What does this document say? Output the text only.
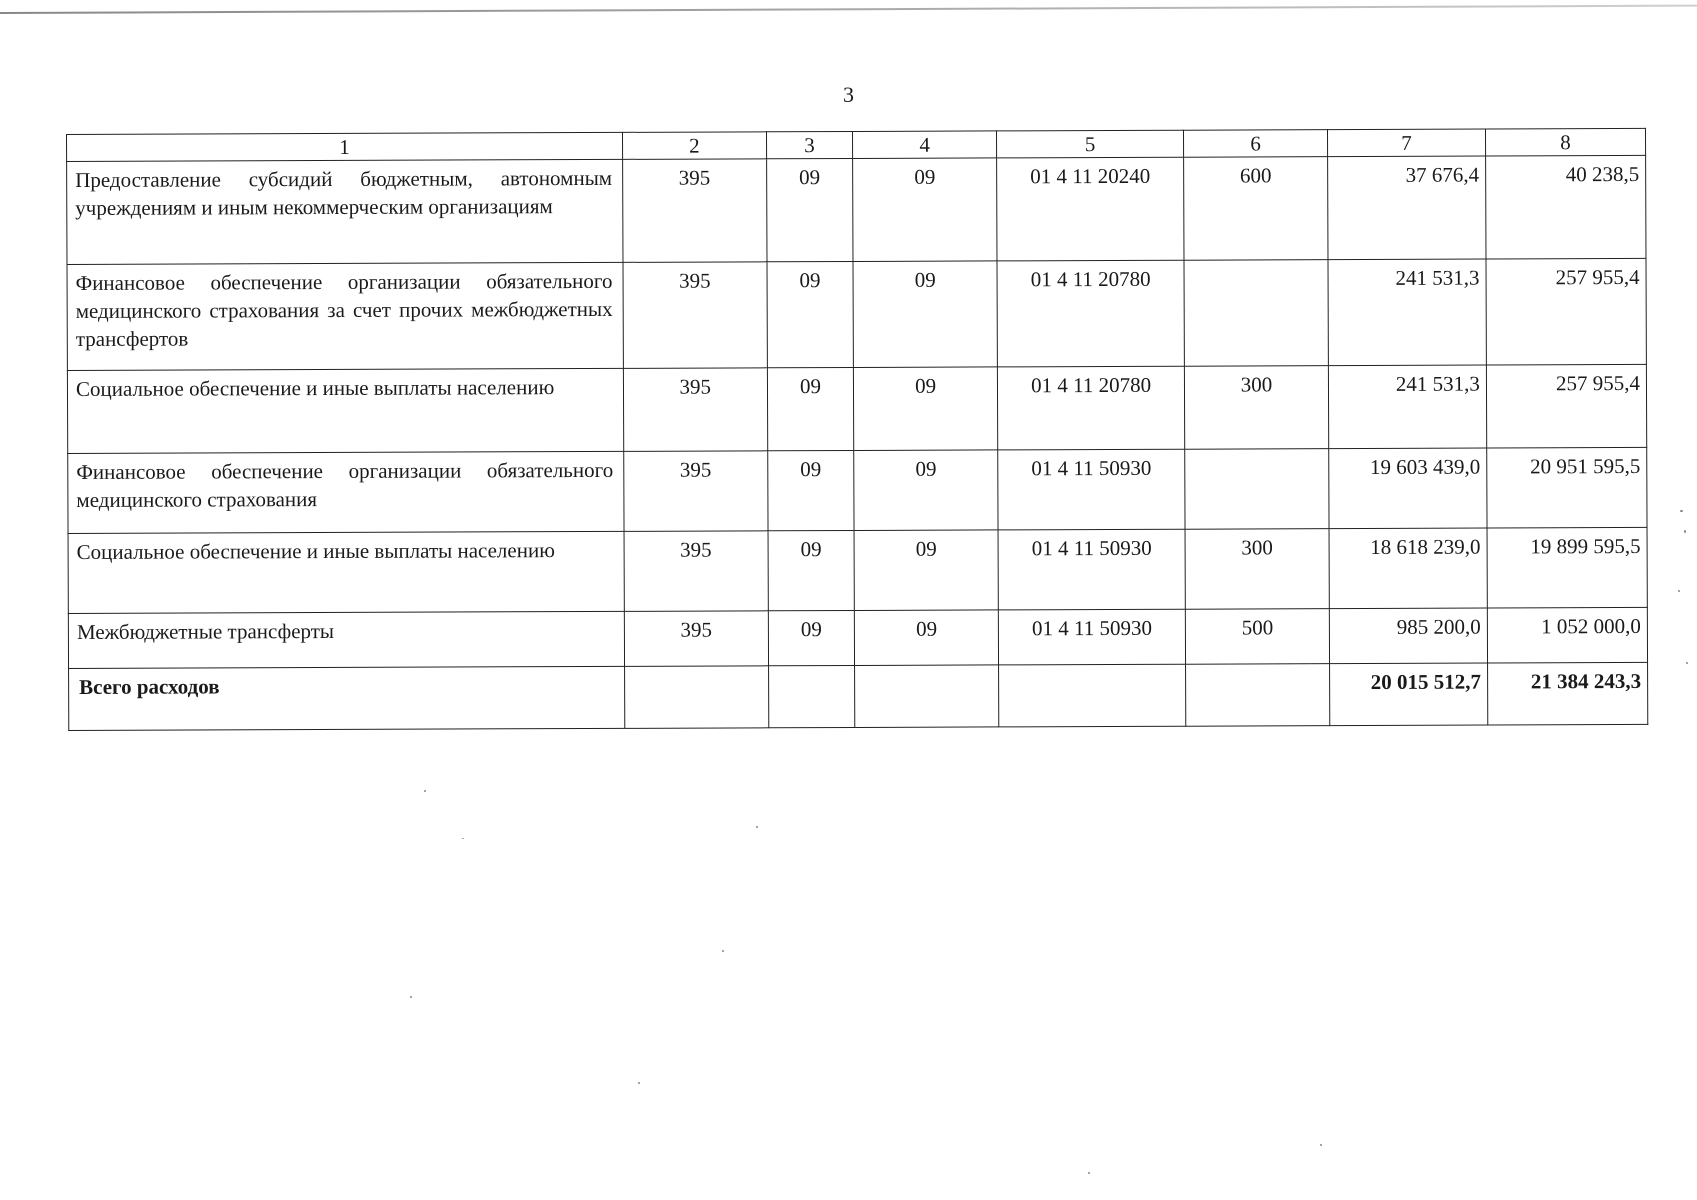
3
1	2	3	4	5	6	7	8

Предоставление субсидий бюджетным, автономным учреждениям и иным некоммерческим организациям	395	09	09	01 4 11 20240	600	37 676,4	40 238,5

Финансовое обеспечение организации обязательного медицинского страхования за счет прочих межбюджетных трансфертов	395	09	09	01 4 11 20780		241 531,3	257 955,4

Социальное обеспечение и иные выплаты населению	395	09	09	01 4 11 20780	300	241 531,3	257 955,4

Финансовое обеспечение организации обязательного медицинского страхования	395	09	09	01 4 11 50930		19 603 439,0	20 951 595,5

Социальное обеспечение и иные выплаты населению	395	09	09	01 4 11 50930	300	18 618 239,0	19 899 595,5

Межбюджетные трансферты	395	09	09	01 4 11 50930	500	985 200,0	1 052 000,0
Всего расходов						20 015 512,7	21 384 243,3
